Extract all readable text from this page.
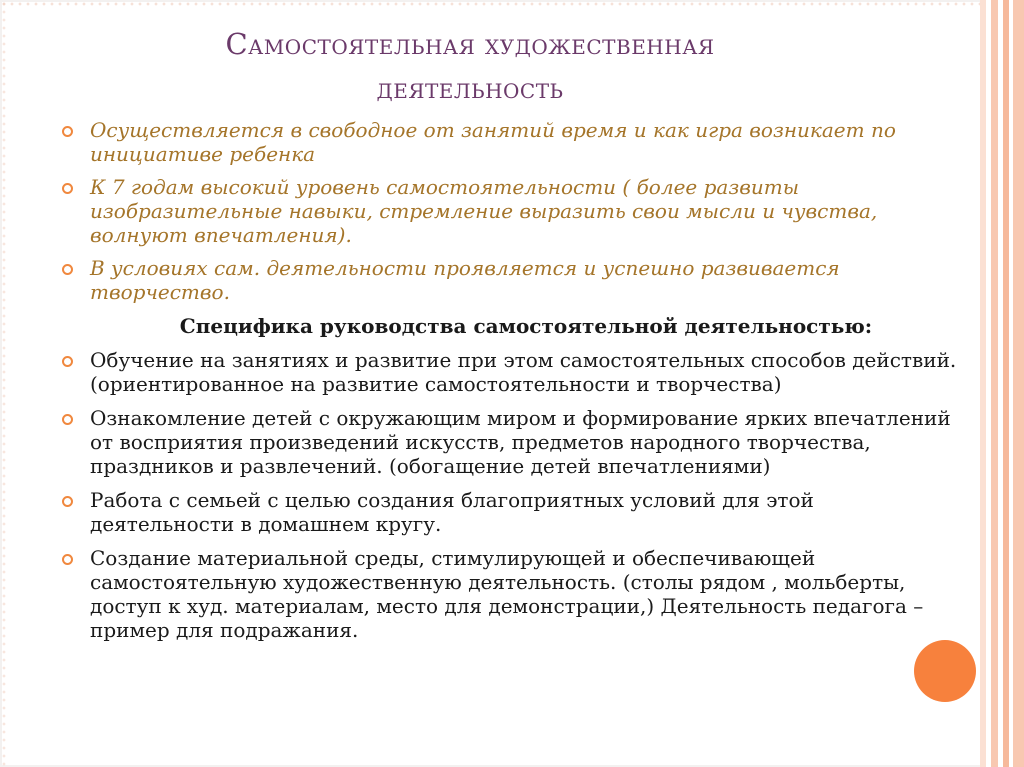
Самостоятельная художественная
деятельность
Осуществляется в свободное от занятий время и как игра возникает по инициативе ребенка
К 7 годам высокий уровень самостоятельности ( более развиты изобразительные навыки, стремление выразить свои мысли и чувства, волнуют впечатления).
В условиях сам. деятельности проявляется и успешно развивается творчество.
Специфика руководства самостоятельной деятельностью:
Обучение на занятиях и развитие при этом самостоятельных способов действий.(ориентированное на развитие самостоятельности и творчества)
Ознакомление детей с окружающим миром и формирование ярких впечатлений от восприятия произведений искусств, предметов народного творчества, праздников и развлечений. (обогащение детей впечатлениями)
Работа с семьей с целью создания благоприятных условий для этой деятельности в домашнем кругу.
Создание материальной среды, стимулирующей и обеспечивающей самостоятельную художественную деятельность. (столы рядом , мольберты, доступ к худ. материалам, место для демонстрации,) Деятельность педагога – пример для подражания.
